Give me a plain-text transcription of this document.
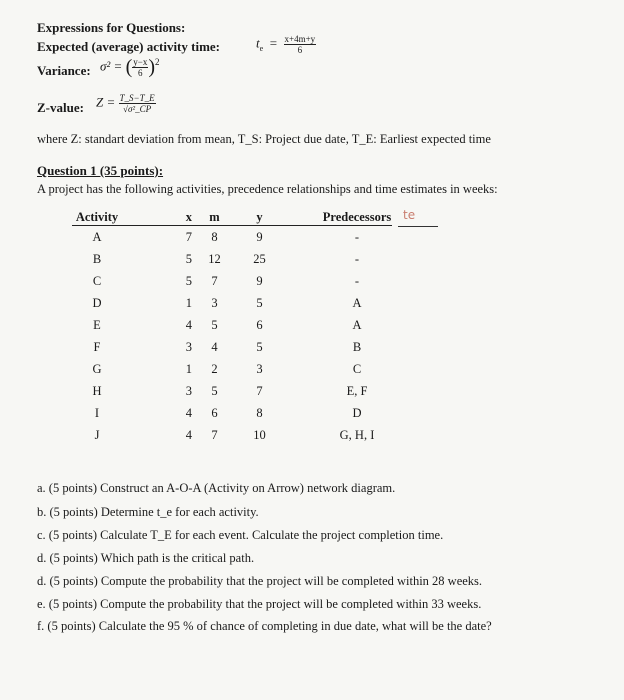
Expressions for Questions:
Expected (average) activity time:	$t_e = \frac{x+4m+y}{6}$
Variance: σ² = ( $\frac{y-x}{6} )^2$
Z-value: $Z = \frac{T\_S-T\_E}{\text{√σ²\_CP}}$
where Z: standart deviation from mean, T_S: Project due date, T_E: Earliest expected time
Question 1 (35 points):
A project has the following activities, precedence relationships and time estimates in weeks:
Activity	x	m	y	Predecessors
A	7	8	9	-
B	5	12	25	-
C	5	7	9	-
D	1	3	5	A
E	4	5	6	A
F	3	4	5	B
G	1	2	3	C
H	3	5	7	E, F
I	4	6	8	D
J	4	7	10	G, H, I
te
a. (5 points) Construct an A-O-A (Activity on Arrow) network diagram.
b. (5 points) Determine t_e for each activity.
c. (5 points) Calculate T_E for each event. Calculate the project completion time.
d. (5 points) Which path is the critical path.
d. (5 points) Compute the probability that the project will be completed within 28 weeks.
e. (5 points) Compute the probability that the project will be completed within 33 weeks.
f. (5 points) Calculate the 95 % of chance of completing in due date, what will be the date?
